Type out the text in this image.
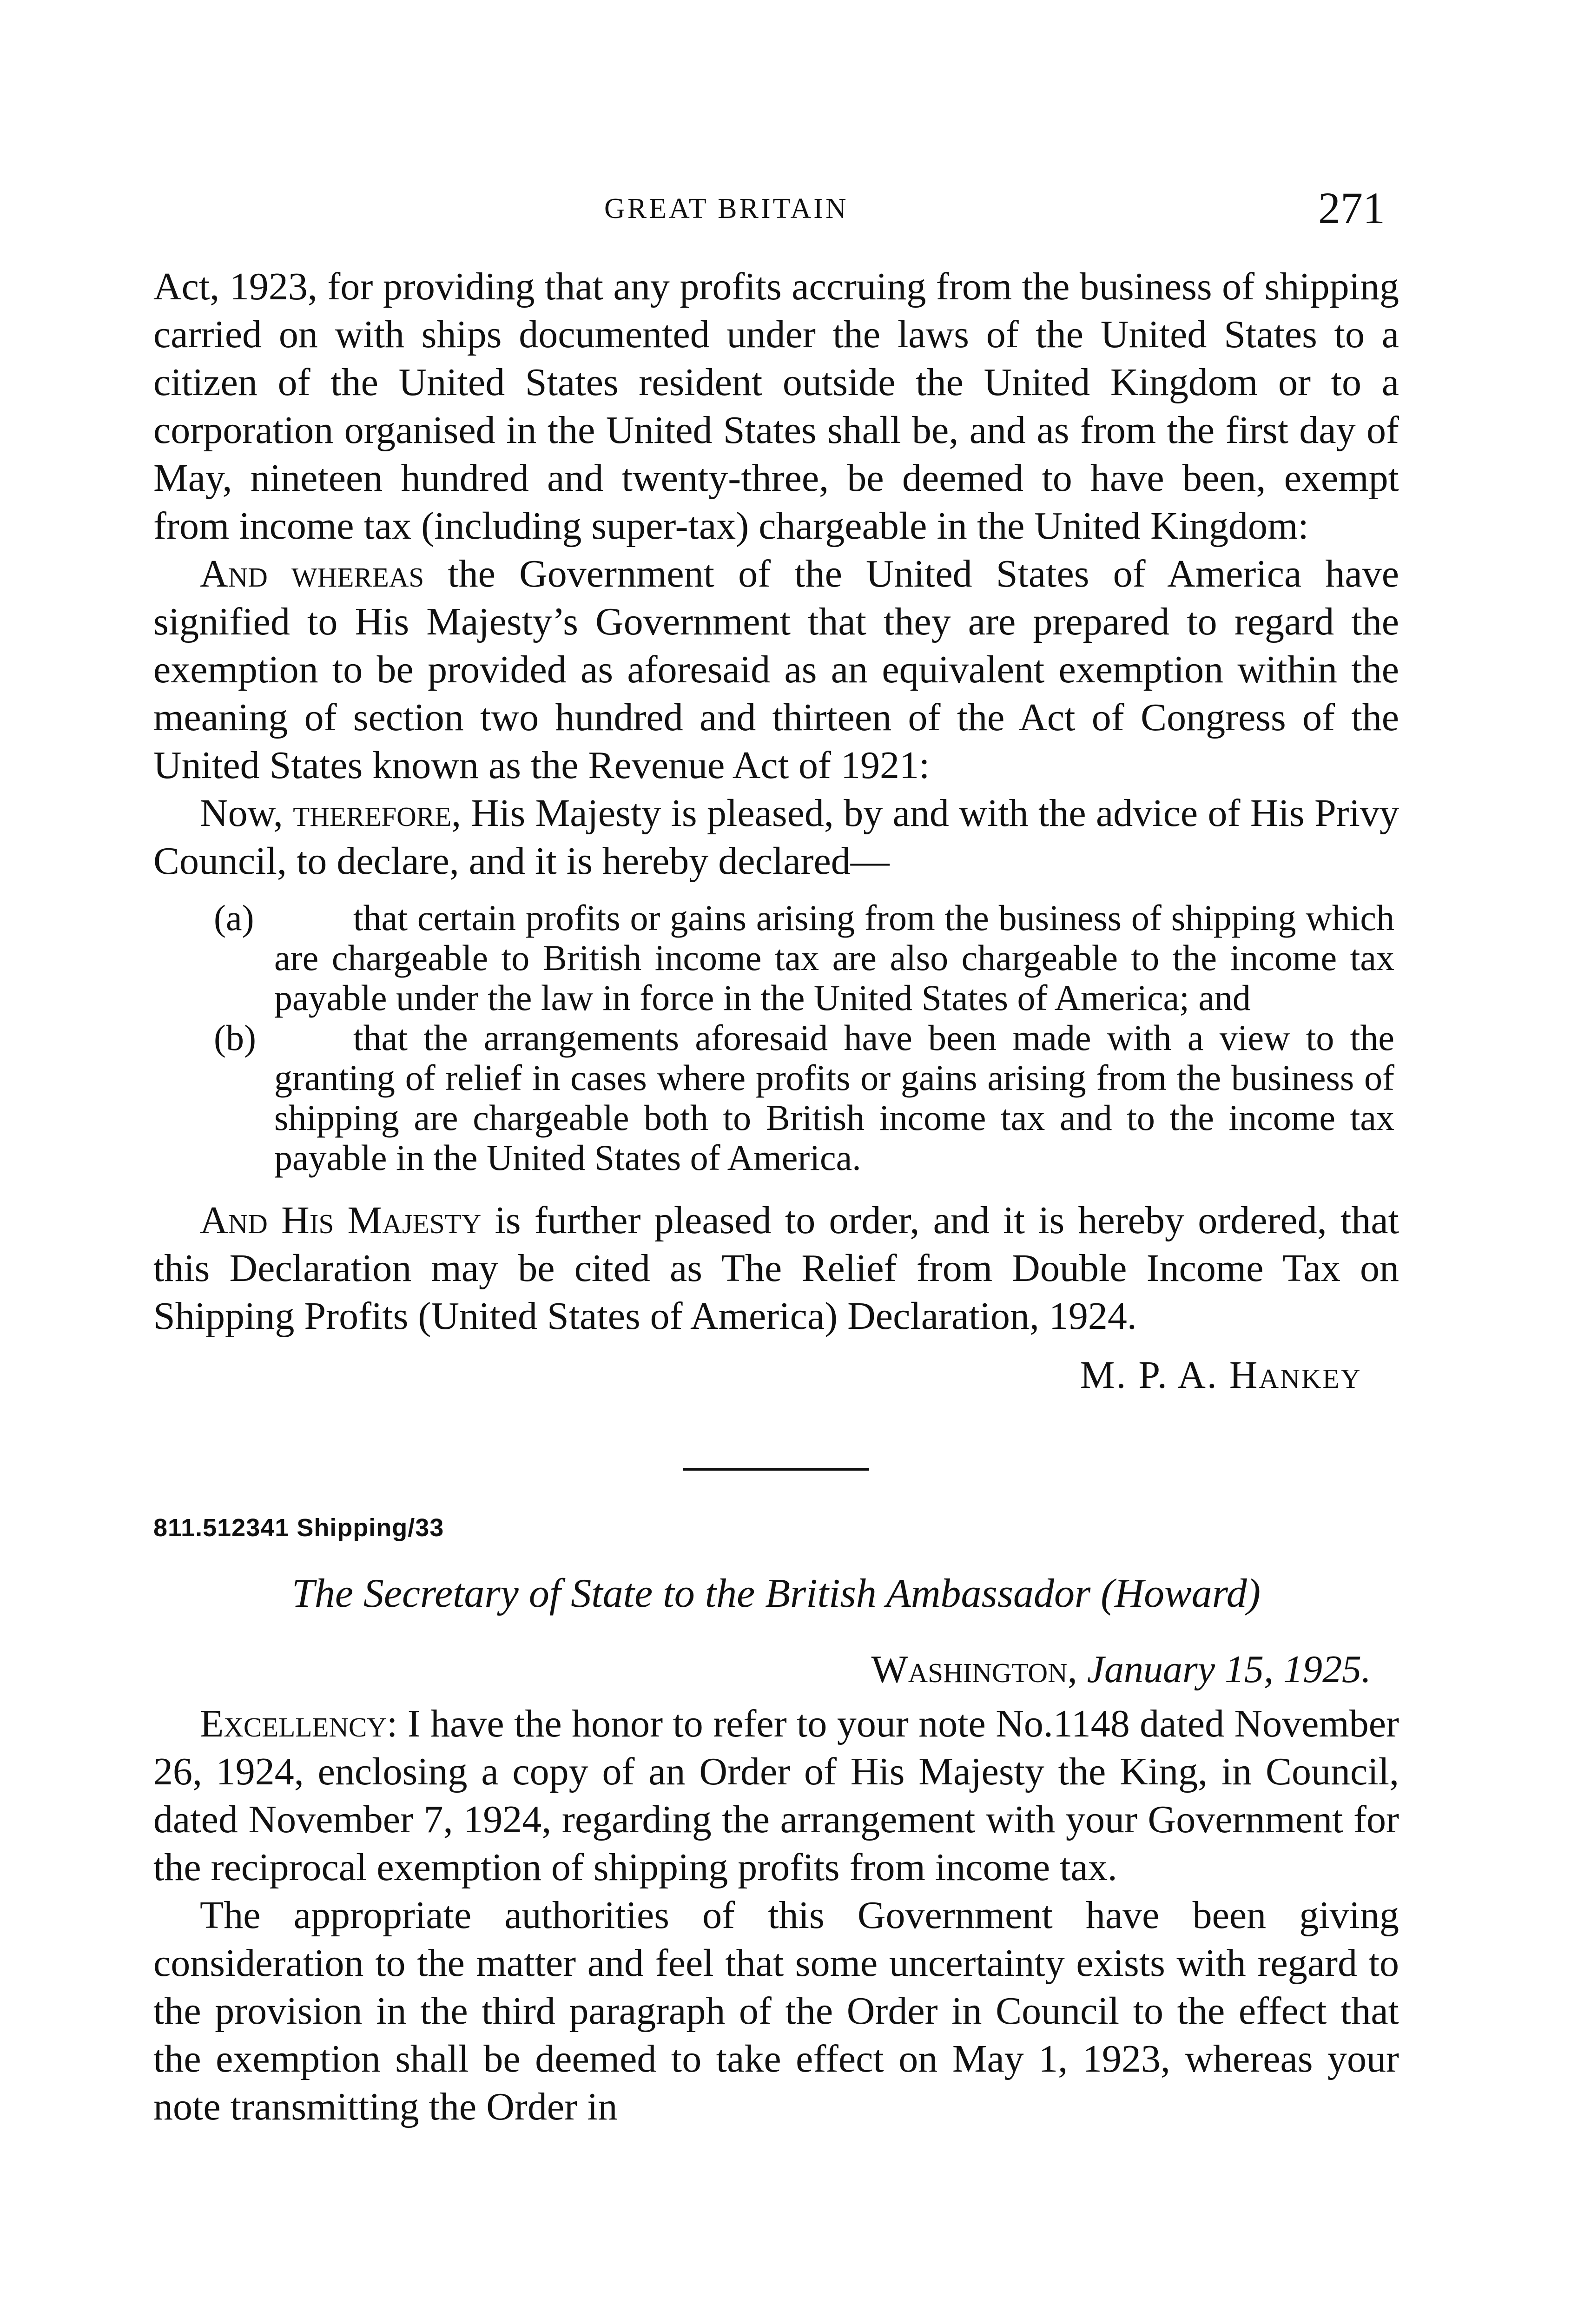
GREAT BRITAIN	271

Act, 1923, for providing that any profits accruing from the business of shipping carried on with ships documented under the laws of the United States to a citizen of the United States resident outside the United Kingdom or to a corporation organised in the United States shall be, and as from the first day of May, nineteen hundred and twenty-three, be deemed to have been, exempt from income tax (including super-tax) chargeable in the United Kingdom:

And whereas the Government of the United States of America have signified to His Majesty’s Government that they are prepared to regard the exemption to be provided as aforesaid as an equivalent exemption within the meaning of section two hundred and thirteen of the Act of Congress of the United States known as the Revenue Act of 1921:

Now, therefore, His Majesty is pleased, by and with the advice of His Privy Council, to declare, and it is hereby declared—

(a)	that certain profits or gains arising from the business of shipping which are chargeable to British income tax are also chargeable to the income tax payable under the law in force in the United States of America; and
(b)	that the arrangements aforesaid have been made with a view to the granting of relief in cases where profits or gains arising from the business of shipping are chargeable both to British income tax and to the income tax payable in the United States of America.

And His Majesty is further pleased to order, and it is hereby ordered, that this Declaration may be cited as The Relief from Double Income Tax on Shipping Profits (United States of America) Declaration, 1924.

M. P. A. Hankey
811.512341 Shipping/33
The Secretary of State to the British Ambassador (Howard)
Washington, January 15, 1925.

Excellency: I have the honor to refer to your note No.1148 dated November 26, 1924, enclosing a copy of an Order of His Majesty the King, in Council, dated November 7, 1924, regarding the arrangement with your Government for the reciprocal exemption of shipping profits from income tax.

The appropriate authorities of this Government have been giving consideration to the matter and feel that some uncertainty exists with regard to the provision in the third paragraph of the Order in Council to the effect that the exemption shall be deemed to take effect on May 1, 1923, whereas your note transmitting the Order in
